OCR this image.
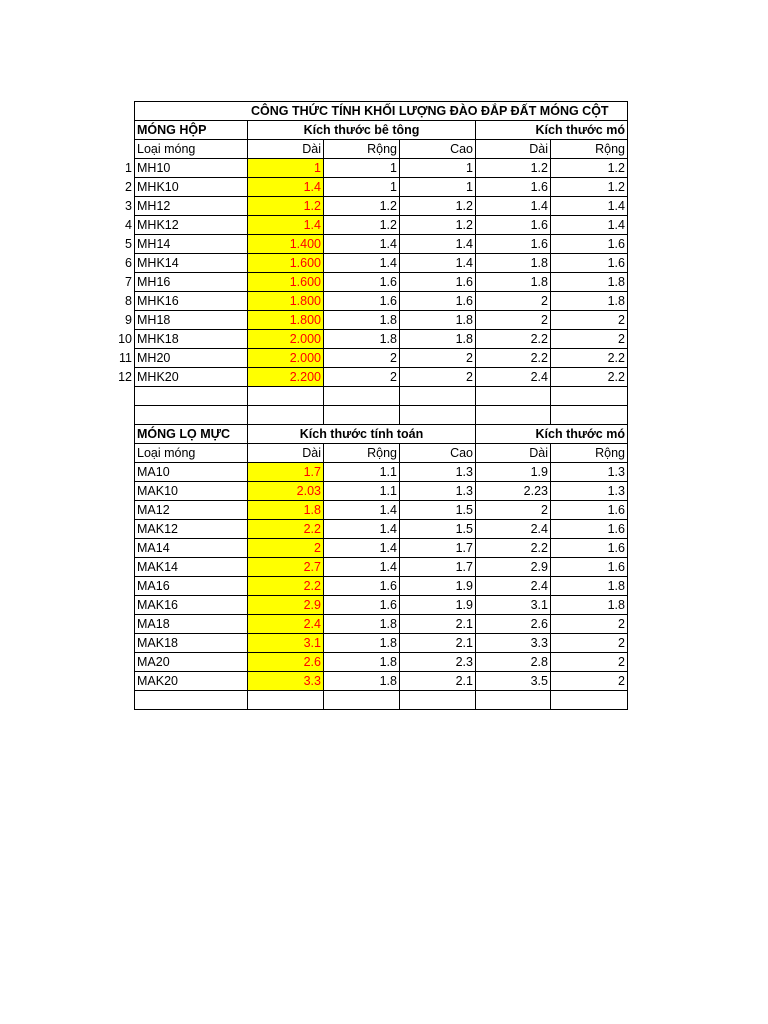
	CÔNG THỨC TÍNH KHỐI LƯỢNG ĐÀO ĐẮP ĐẤT MÓNG CỘT					
	MÓNG HỘP	Kích thước bê tông			Kích thước mó	
	Loại móng	Dài	Rộng	Cao	Dài	Rộng
1	MH10	1	1	1	1.2	1.2
2	MHK10	1.4	1	1	1.6	1.2
3	MH12	1.2	1.2	1.2	1.4	1.4
4	MHK12	1.4	1.2	1.2	1.6	1.4
5	MH14	1.400	1.4	1.4	1.6	1.6
6	MHK14	1.600	1.4	1.4	1.8	1.6
7	MH16	1.600	1.6	1.6	1.8	1.8
8	MHK16	1.800	1.6	1.6	2	1.8
9	MH18	1.800	1.8	1.8	2	2
10	MHK18	2.000	1.8	1.8	2.2	2
11	MH20	2.000	2	2	2.2	2.2
12	MHK20	2.200	2	2	2.4	2.2

	MÓNG LỌ MỰC	Kích thước tính toán			Kích thước mó	
	Loại móng	Dài	Rộng	Cao	Dài	Rộng
	MA10	1.7	1.1	1.3	1.9	1.3
	MAK10	2.03	1.1	1.3	2.23	1.3
	MA12	1.8	1.4	1.5	2	1.6
	MAK12	2.2	1.4	1.5	2.4	1.6
	MA14	2	1.4	1.7	2.2	1.6
	MAK14	2.7	1.4	1.7	2.9	1.6
	MA16	2.2	1.6	1.9	2.4	1.8
	MAK16	2.9	1.6	1.9	3.1	1.8
	MA18	2.4	1.8	2.1	2.6	2
	MAK18	3.1	1.8	2.1	3.3	2
	MA20	2.6	1.8	2.3	2.8	2
	MAK20	3.3	1.8	2.1	3.5	2
